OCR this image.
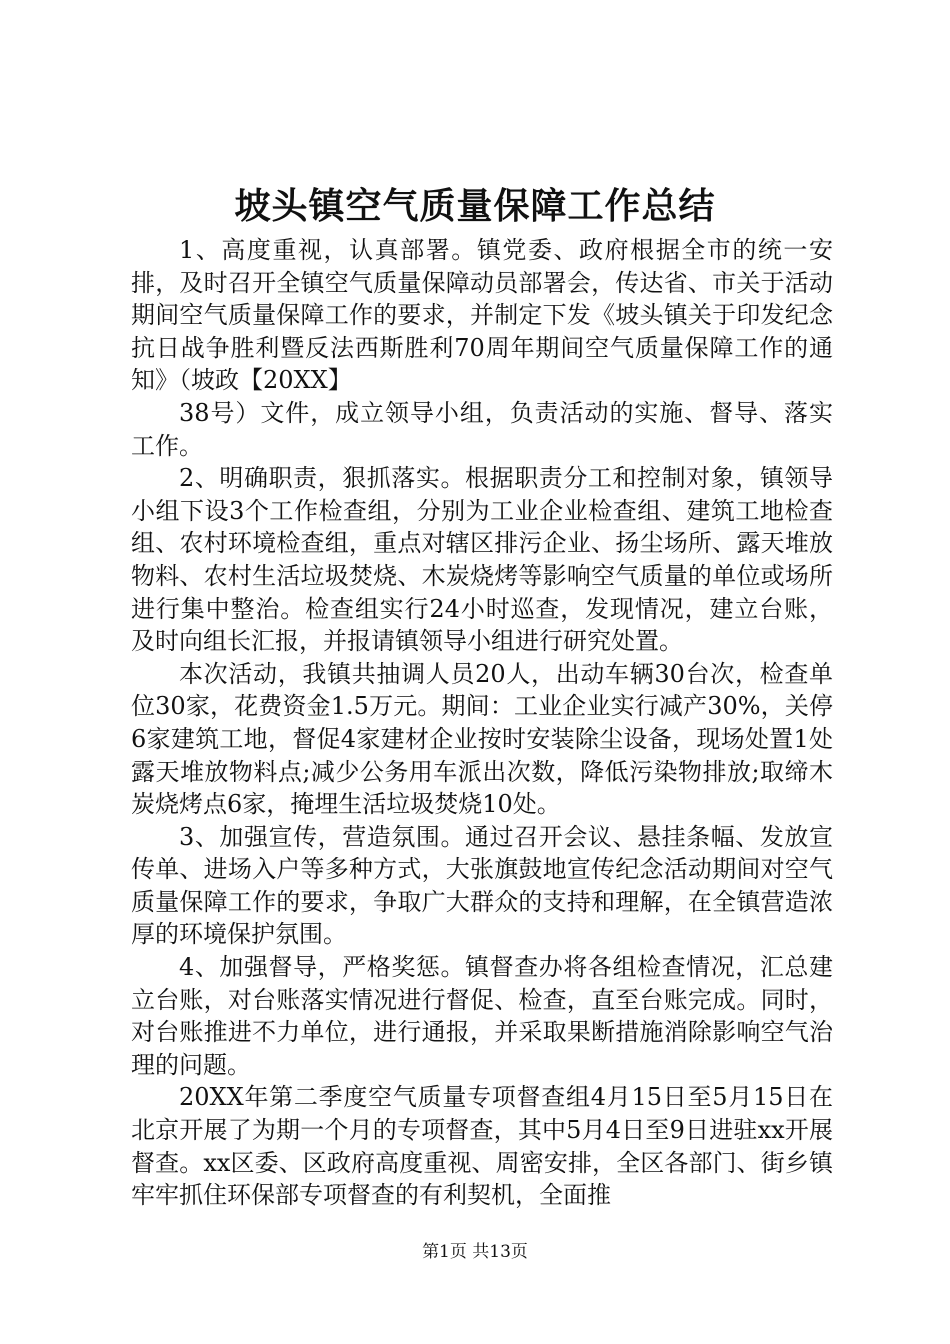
坡头镇空气质量保障工作总结

1、高度重视，认真部署。镇党委、政府根据全市的统一安排，及时召开全镇空气质量保障动员部署会，传达省、市关于活动期间空气质量保障工作的要求，并制定下发《坡头镇关于印发纪念抗日战争胜利暨反法西斯胜利70周年期间空气质量保障工作的通知》（坡政【20XX】

38号）文件，成立领导小组，负责活动的实施、督导、落实工作。

2、明确职责，狠抓落实。根据职责分工和控制对象，镇领导小组下设3个工作检查组，分别为工业企业检查组、建筑工地检查组、农村环境检查组，重点对辖区排污企业、扬尘场所、露天堆放物料、农村生活垃圾焚烧、木炭烧烤等影响空气质量的单位或场所进行集中整治。检查组实行24小时巡查，发现情况，建立台账，及时向组长汇报，并报请镇领导小组进行研究处置。

本次活动，我镇共抽调人员20人，出动车辆30台次，检查单位30家，花费资金1.5万元。期间：工业企业实行减产30%，关停6家建筑工地，督促4家建材企业按时安装除尘设备，现场处置1处露天堆放物料点;减少公务用车派出次数，降低污染物排放;取缔木炭烧烤点6家，掩埋生活垃圾焚烧10处。

3、加强宣传，营造氛围。通过召开会议、悬挂条幅、发放宣传单、进场入户等多种方式，大张旗鼓地宣传纪念活动期间对空气质量保障工作的要求，争取广大群众的支持和理解，在全镇营造浓厚的环境保护氛围。

4、加强督导，严格奖惩。镇督查办将各组检查情况，汇总建立台账，对台账落实情况进行督促、检查，直至台账完成。同时，对台账推进不力单位，进行通报，并采取果断措施消除影响空气治理的问题。

20XX年第二季度空气质量专项督查组4月15日至5月15日在北京开展了为期一个月的专项督查，其中5月4日至9日进驻xx开展督查。xx区委、区政府高度重视、周密安排，全区各部门、街乡镇牢牢抓住环保部专项督查的有利契机，全面推

第1页 共13页
